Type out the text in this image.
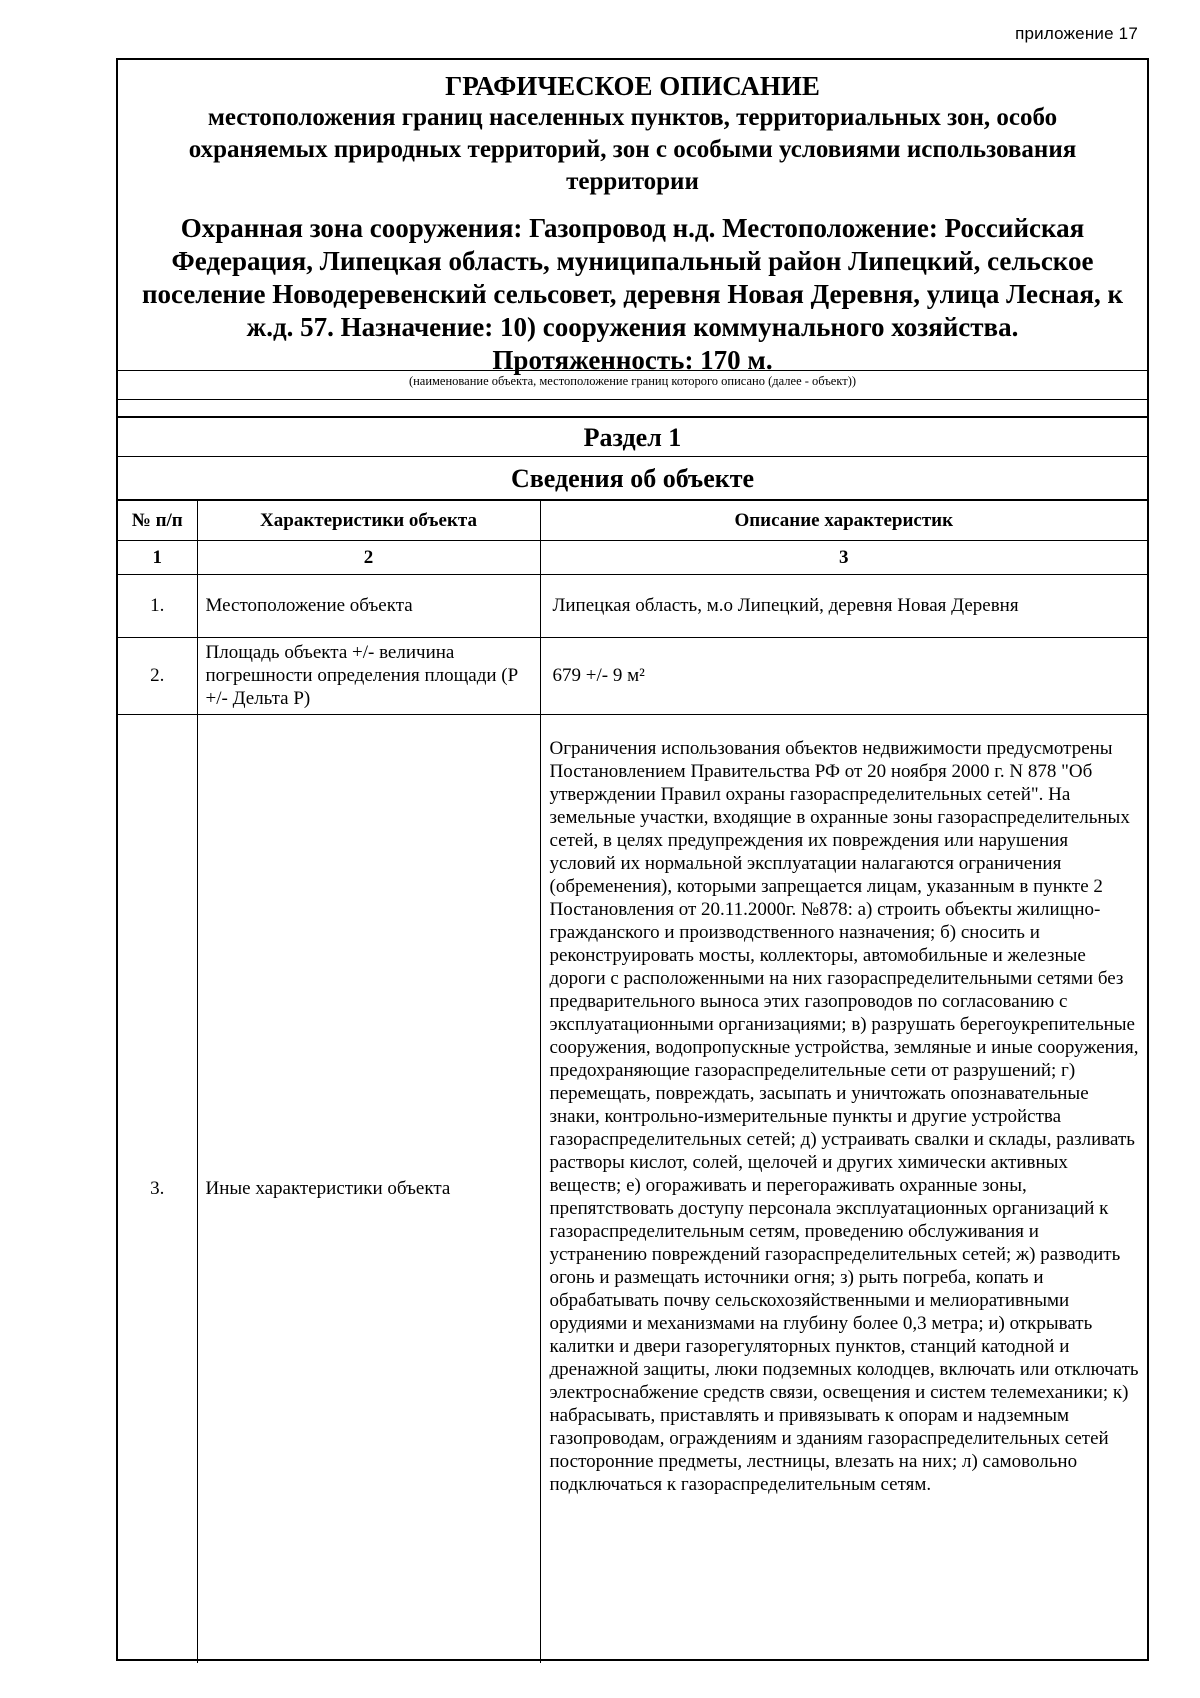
приложение 17
ГРАФИЧЕСКОЕ ОПИСАНИЕ
местоположения границ населенных пунктов, территориальных зон, особо охраняемых природных территорий, зон с особыми условиями использования территории
Охранная зона сооружения: Газопровод н.д. Местоположение: Российская Федерация, Липецкая область, муниципальный район Липецкий, сельское поселение Новодеревенский сельсовет, деревня Новая Деревня, улица Лесная, к ж.д. 57. Назначение: 10) сооружения коммунального хозяйства.
Протяженность: 170 м.
(наименование объекта, местоположение границ которого описано (далее - объект))
Раздел 1
Сведения об объекте
№ п/п	Характеристики объекта	Описание характеристик
1	2	3
1.	Местоположение объекта	Липецкая область, м.о Липецкий, деревня Новая Деревня
2.	Площадь объекта +/- величина погрешности определения площади (Р +/- Дельта Р)	679 +/- 9 м²
3.	Иные характеристики объекта	Ограничения использования объектов недвижимости предусмотрены Постановлением Правительства РФ от 20 ноября 2000 г. N 878 "Об утверждении Правил охраны газораспределительных сетей". На земельные участки, входящие в охранные зоны газораспределительных сетей, в целях предупреждения их повреждения или нарушения условий их нормальной эксплуатации налагаются ограничения (обременения), которыми запрещается лицам, указанным в пункте 2 Постановления от 20.11.2000г. №878: а) строить объекты жилищно-гражданского и производственного назначения; б) сносить и реконструировать мосты, коллекторы, автомобильные и железные дороги с расположенными на них газораспределительными сетями без предварительного выноса этих газопроводов по согласованию с эксплуатационными организациями; в) разрушать берегоукрепительные сооружения, водопропускные устройства, земляные и иные сооружения, предохраняющие газораспределительные сети от разрушений; г) перемещать, повреждать, засыпать и уничтожать опознавательные знаки, контрольно-измерительные пункты и другие устройства газораспределительных сетей; д) устраивать свалки и склады, разливать растворы кислот, солей, щелочей и других химически активных веществ; е) огораживать и перегораживать охранные зоны, препятствовать доступу персонала эксплуатационных организаций к газораспределительным сетям, проведению обслуживания и устранению повреждений газораспределительных сетей; ж) разводить огонь и размещать источники огня; з) рыть погреба, копать и обрабатывать почву сельскохозяйственными и мелиоративными орудиями и механизмами на глубину более 0,3 метра; и) открывать калитки и двери газорегуляторных пунктов, станций катодной и дренажной защиты, люки подземных колодцев, включать или отключать электроснабжение средств связи, освещения и систем телемеханики; к) набрасывать, приставлять и привязывать к опорам и надземным газопроводам, ограждениям и зданиям газораспределительных сетей посторонние предметы, лестницы, влезать на них; л) самовольно подключаться к газораспределительным сетям.
